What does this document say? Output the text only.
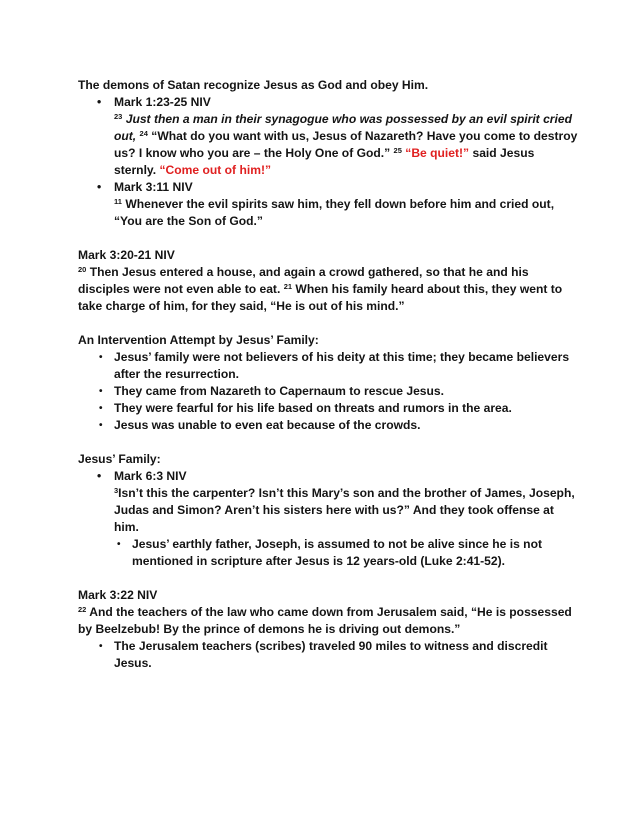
The demons of Satan recognize Jesus as God and obey Him.
• Mark 1:23-25 NIV
$^{23}$ Just then a man in their synagogue who was possessed by an evil spirit cried out, $^{24}$ “What do you want with us, Jesus of Nazareth? Have you come to destroy us? I know who you are – the Holy One of God.” $^{25}$ “Be quiet!” said Jesus sternly. “Come out of him!”
• Mark 3:11 NIV
$^{11}$ Whenever the evil spirits saw him, they fell down before him and cried out, “You are the Son of God.”
Mark 3:20-21 NIV
$^{20}$ Then Jesus entered a house, and again a crowd gathered, so that he and his disciples were not even able to eat. $^{21}$ When his family heard about this, they went to take charge of him, for they said, “He is out of his mind.”
An Intervention Attempt by Jesus’ Family:
• Jesus’ family were not believers of his deity at this time; they became believers after the resurrection.
• They came from Nazareth to Capernaum to rescue Jesus.
• They were fearful for his life based on threats and rumors in the area.
• Jesus was unable to even eat because of the crowds.
Jesus’ Family:
• Mark 6:3 NIV
$^3$Isn’t this the carpenter? Isn’t this Mary’s son and the brother of James, Joseph, Judas and Simon? Aren’t his sisters here with us?” And they took offense at him.
• Jesus’ earthly father, Joseph, is assumed to not be alive since he is not mentioned in scripture after Jesus is 12 years-old (Luke 2:41-52).
Mark 3:22 NIV
$^{22}$ And the teachers of the law who came down from Jerusalem said, “He is possessed by Beelzebub! By the prince of demons he is driving out demons.”
• The Jerusalem teachers (scribes) traveled 90 miles to witness and discredit Jesus.
